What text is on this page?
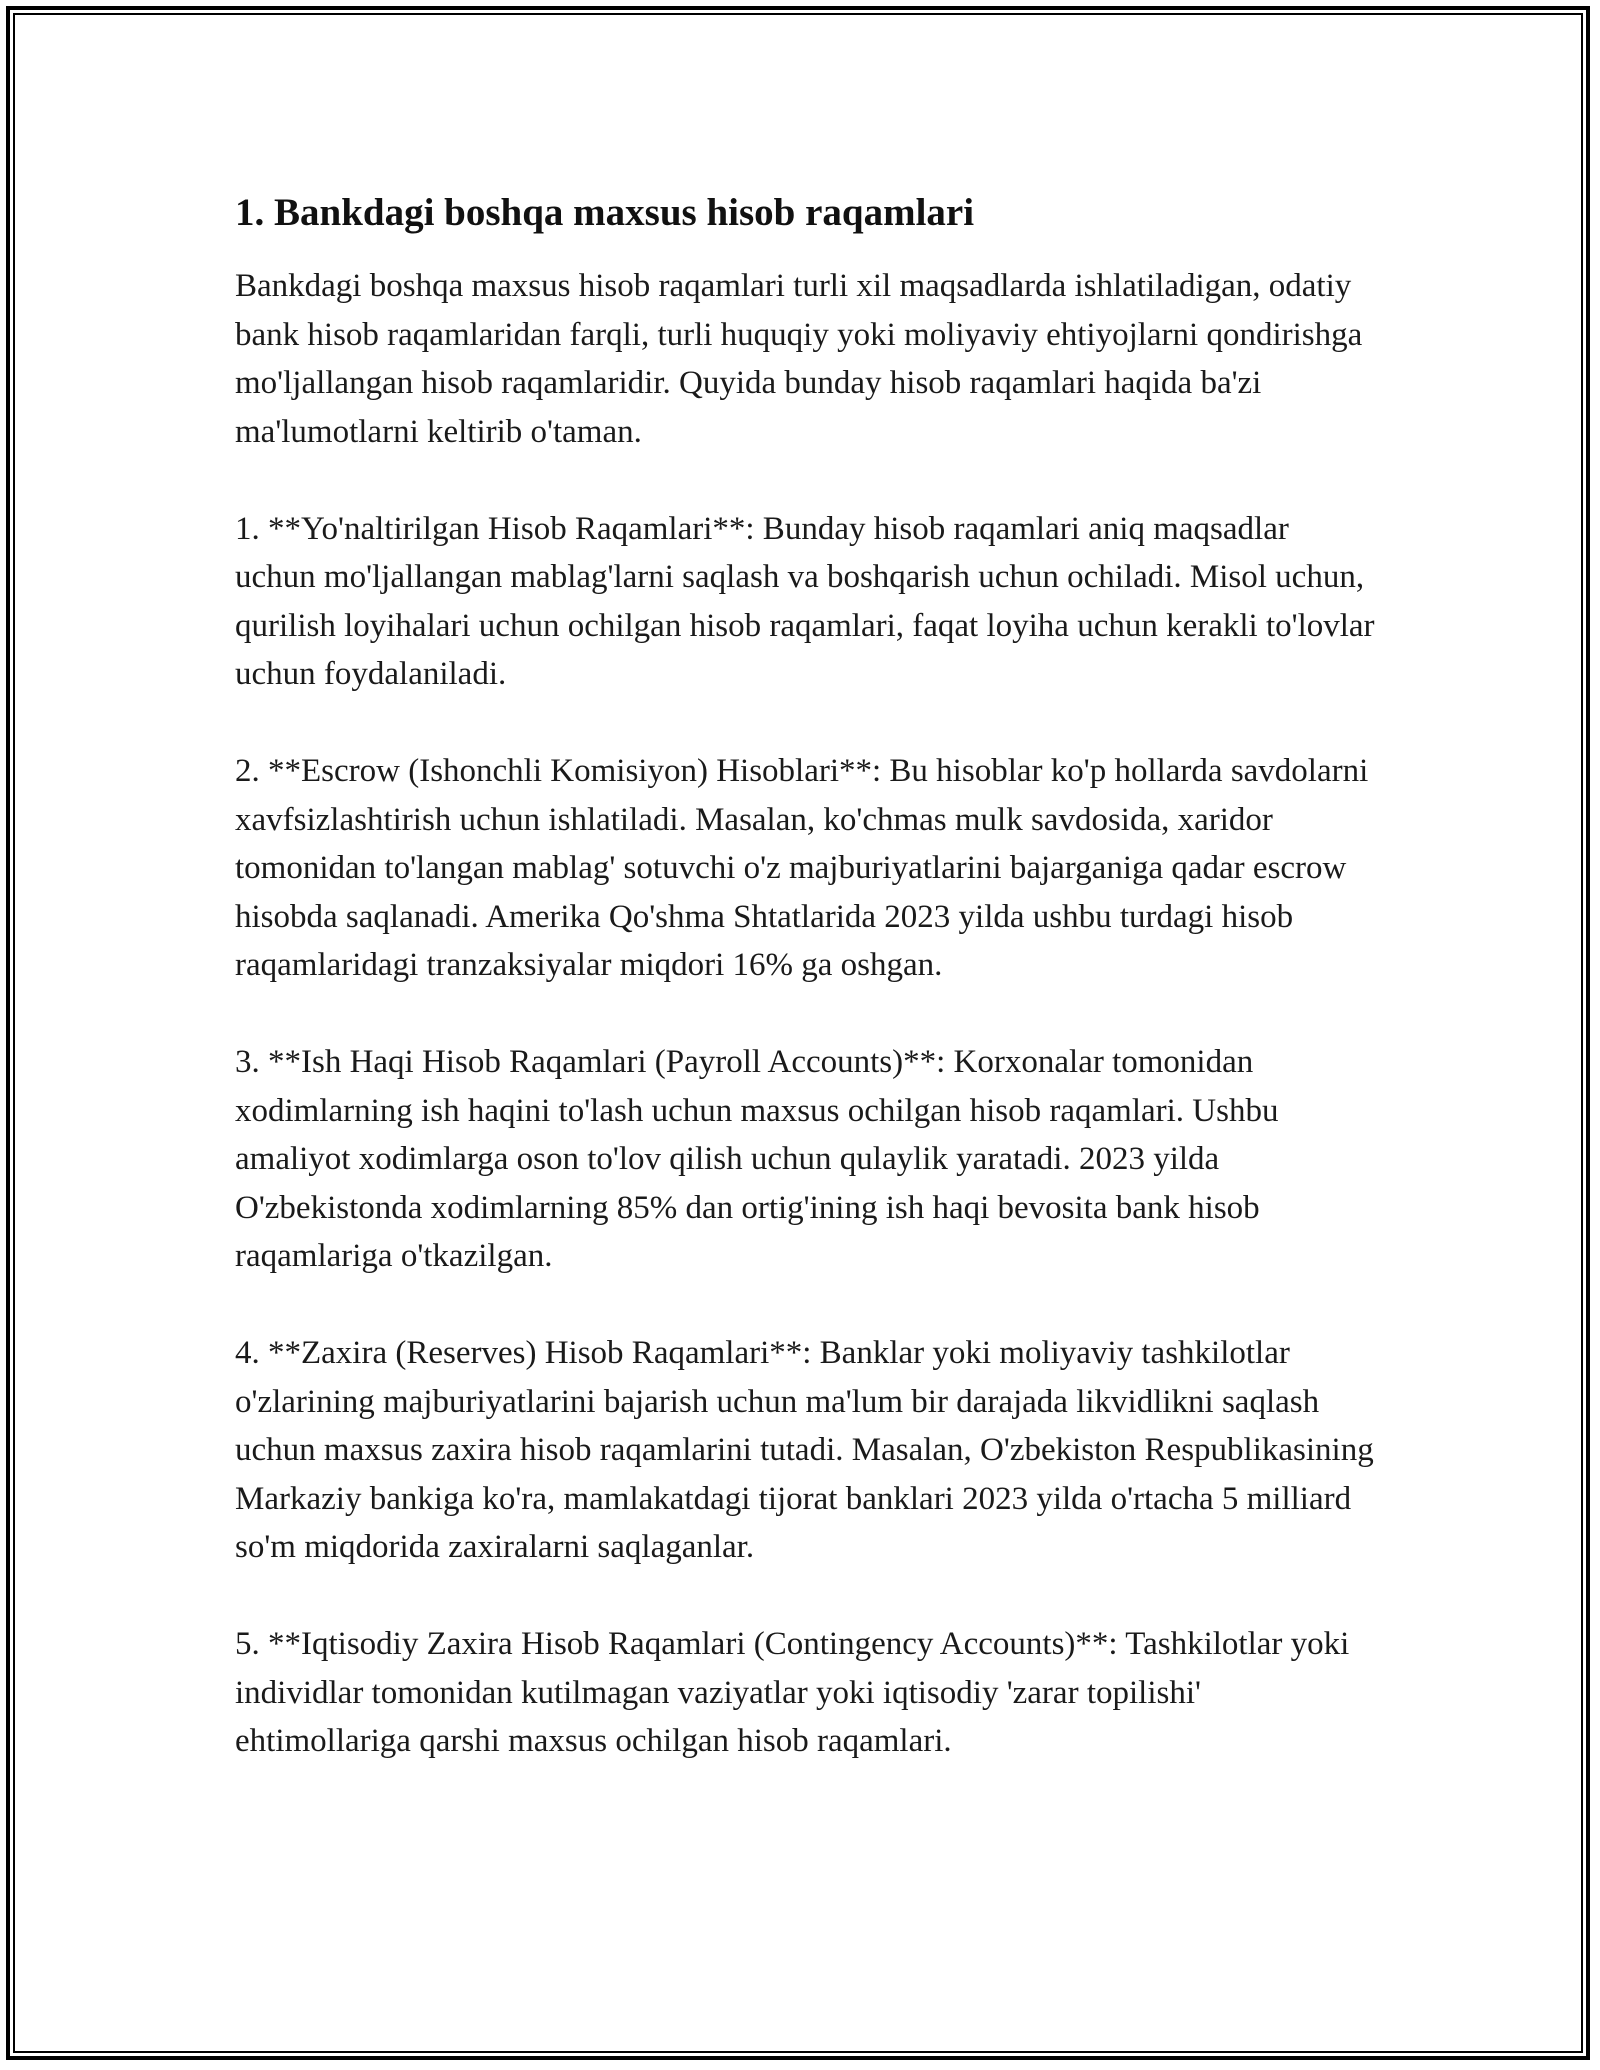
1. Bankdagi boshqa maxsus hisob raqamlari

Bankdagi boshqa maxsus hisob raqamlari turli xil maqsadlarda ishlatiladigan, odatiy bank hisob raqamlaridan farqli, turli huquqiy yoki moliyaviy ehtiyojlarni qondirishga mo'ljallangan hisob raqamlaridir. Quyida bunday hisob raqamlari haqida ba'zi ma'lumotlarni keltirib o'taman.

1. **Yo'naltirilgan Hisob Raqamlari**: Bunday hisob raqamlari aniq maqsadlar uchun mo'ljallangan mablag'larni saqlash va boshqarish uchun ochiladi. Misol uchun, qurilish loyihalari uchun ochilgan hisob raqamlari, faqat loyiha uchun kerakli to'lovlar uchun foydalaniladi.

2. **Escrow (Ishonchli Komisiyon) Hisoblari**: Bu hisoblar ko'p hollarda savdolarni xavfsizlashtirish uchun ishlatiladi. Masalan, ko'chmas mulk savdosida, xaridor tomonidan to'langan mablag' sotuvchi o'z majburiyatlarini bajarganiga qadar escrow hisobda saqlanadi. Amerika Qo'shma Shtatlarida 2023 yilda ushbu turdagi hisob raqamlaridagi tranzaksiyalar miqdori 16% ga oshgan.

3. **Ish Haqi Hisob Raqamlari (Payroll Accounts)**: Korxonalar tomonidan xodimlarning ish haqini to'lash uchun maxsus ochilgan hisob raqamlari. Ushbu amaliyot xodimlarga oson to'lov qilish uchun qulaylik yaratadi. 2023 yilda O'zbekistonda xodimlarning 85% dan ortig'ining ish haqi bevosita bank hisob raqamlariga o'tkazilgan.

4. **Zaxira (Reserves) Hisob Raqamlari**: Banklar yoki moliyaviy tashkilotlar o'zlarining majburiyatlarini bajarish uchun ma'lum bir darajada likvidlikni saqlash uchun maxsus zaxira hisob raqamlarini tutadi. Masalan, O'zbekiston Respublikasining Markaziy bankiga ko'ra, mamlakatdagi tijorat banklari 2023 yilda o'rtacha 5 milliard so'm miqdorida zaxiralarni saqlaganlar.

5. **Iqtisodiy Zaxira Hisob Raqamlari (Contingency Accounts)**: Tashkilotlar yoki individlar tomonidan kutilmagan vaziyatlar yoki iqtisodiy 'zarar topilishi' ehtimollariga qarshi maxsus ochilgan hisob raqamlari.
